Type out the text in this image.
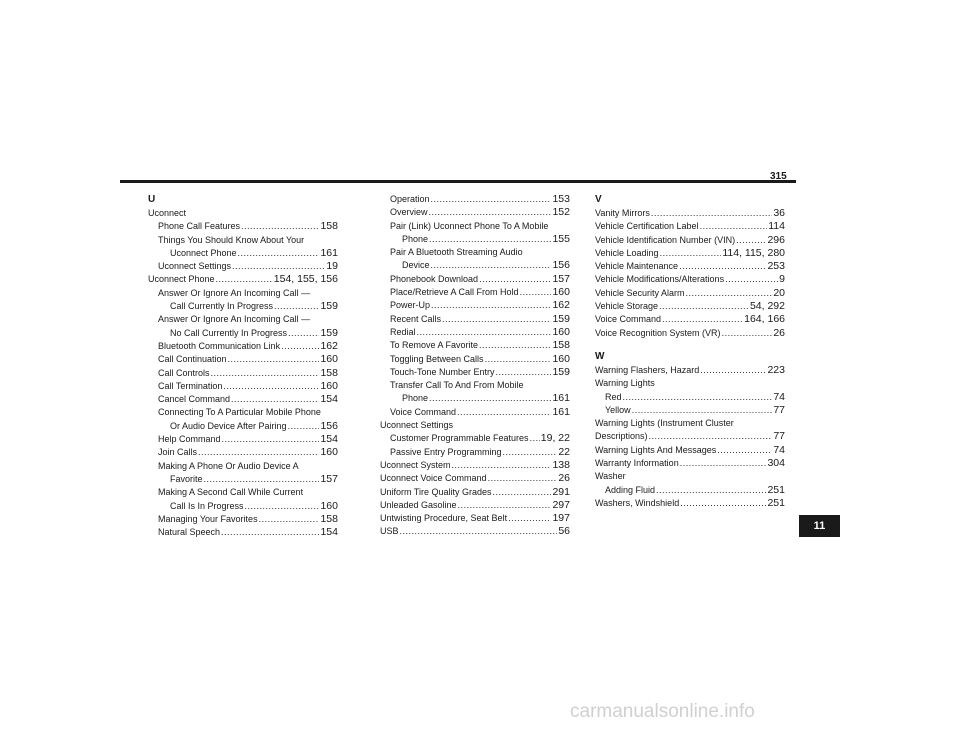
315
U
Uconnect
Phone Call Features .....	158
Things You Should Know About Your
Uconnect Phone .....	161
Uconnect Settings .....	19
Uconnect Phone .....	154, 155, 156
Answer Or Ignore An Incoming Call —
Call Currently In Progress .....	159
Answer Or Ignore An Incoming Call —
No Call Currently In Progress .....	159
Bluetooth Communication Link .....	162
Call Continuation .....	160
Call Controls .....	158
Call Termination .....	160
Cancel Command .....	154
Connecting To A Particular Mobile Phone
Or Audio Device After Pairing .....	156
Help Command .....	154
Join Calls .....	160
Making A Phone Or Audio Device A
Favorite .....	157
Making A Second Call While Current
Call Is In Progress .....	160
Managing Your Favorites .....	158
Natural Speech .....	154
Operation .....	153
Overview .....	152
Pair (Link) Uconnect Phone To A Mobile
Phone .....	155
Pair A Bluetooth Streaming Audio
Device .....	156
Phonebook Download .....	157
Place/Retrieve A Call From Hold .....	160
Power-Up .....	162
Recent Calls .....	159
Redial .....	160
To Remove A Favorite .....	158
Toggling Between Calls .....	160
Touch-Tone Number Entry .....	159
Transfer Call To And From Mobile
Phone .....	161
Voice Command .....	161
Uconnect Settings
Customer Programmable Features ..... 19, 22
Passive Entry Programming .....	22
Uconnect System .....	138
Uconnect Voice Command .....	26
Uniform Tire Quality Grades .....	291
Unleaded Gasoline .....	297
Untwisting Procedure, Seat Belt .....	197
USB .....	56
V
Vanity Mirrors .....	36
Vehicle Certification Label .....	114
Vehicle Identification Number (VIN) .....	296
Vehicle Loading .....	114, 115, 280
Vehicle Maintenance .....	253
Vehicle Modifications/Alterations .....	9
Vehicle Security Alarm .....	20
Vehicle Storage .....	54, 292
Voice Command .....	164, 166
Voice Recognition System (VR) .....	26
W
Warning Flashers, Hazard .....	223
Warning Lights
Red .....	74
Yellow .....	77
Warning Lights (Instrument Cluster
Descriptions) .....	77
Warning Lights And Messages .....	74
Warranty Information .....	304
Washer
Adding Fluid .....	251
Washers, Windshield .....	251
11
carmanualsonline.info
